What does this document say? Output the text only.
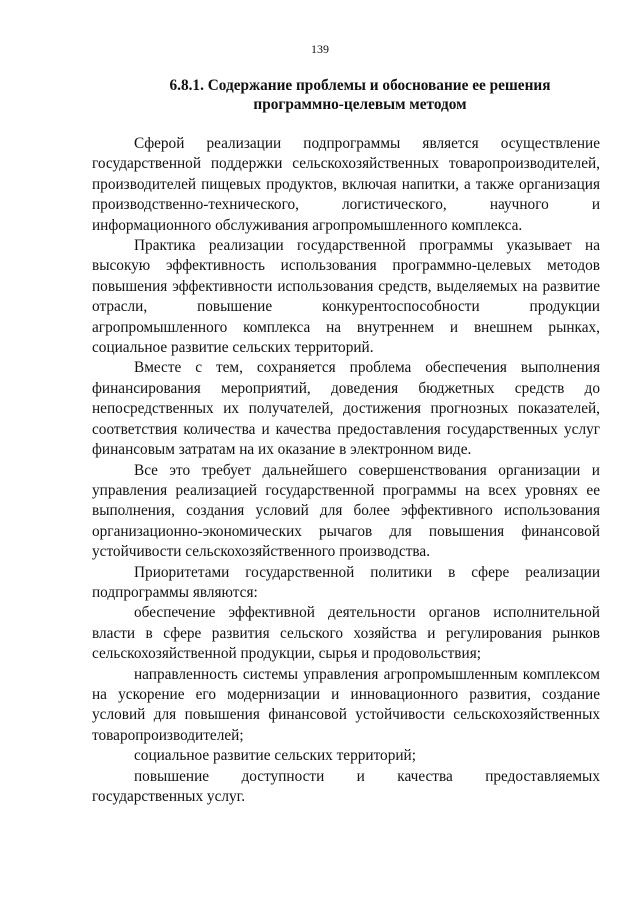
139
6.8.1. Содержание проблемы и обоснование ее решения
программно-целевым методом

Сферой реализации подпрограммы является осуществление государственной поддержки сельскохозяйственных товаропроизводителей, производителей пищевых продуктов, включая напитки, а также организация производственно-технического, логистического, научного и информационного обслуживания агропромышленного комплекса.

Практика реализации государственной программы указывает на высокую эффективность использования программно-целевых методов повышения эффективности использования средств, выделяемых на развитие отрасли, повышение конкурентоспособности продукции агропромышленного комплекса на внутреннем и внешнем рынках, социальное развитие сельских территорий.

Вместе с тем, сохраняется проблема обеспечения выполнения финансирования мероприятий, доведения бюджетных средств до непосредственных их получателей, достижения прогнозных показателей, соответствия количества и качества предоставления государственных услуг финансовым затратам на их оказание в электронном виде.

Все это требует дальнейшего совершенствования организации и управления реализацией государственной программы на всех уровнях ее выполнения, создания условий для более эффективного использования организационно-экономических рычагов для повышения финансовой устойчивости сельскохозяйственного производства.

Приоритетами государственной политики в сфере реализации подпрограммы являются:

обеспечение эффективной деятельности органов исполнительной власти в сфере развития сельского хозяйства и регулирования рынков сельскохозяйственной продукции, сырья и продовольствия;

направленность системы управления агропромышленным комплексом на ускорение его модернизации и инновационного развития, создание условий для повышения финансовой устойчивости сельскохозяйственных товаропроизводителей;

социальное развитие сельских территорий;

повышение доступности и качества предоставляемых государственных услуг.
